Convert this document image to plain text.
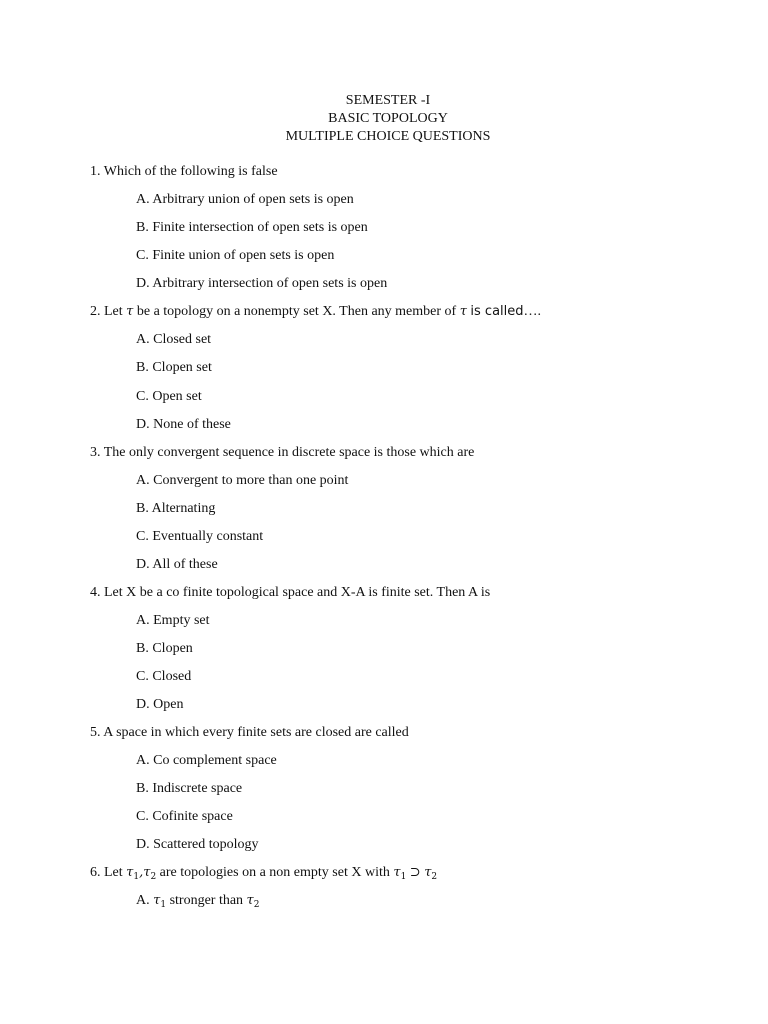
SEMESTER -I
BASIC TOPOLOGY
MULTIPLE CHOICE QUESTIONS
1. Which of the following is false
A. Arbitrary union of open sets is open
B. Finite intersection of open sets is open
C. Finite union of open sets is open
D. Arbitrary intersection of open sets is open
2. Let τ be a topology on a nonempty set X. Then any member of τ is called….
A. Closed set
B. Clopen set
C. Open set
D. None of these
3. The only convergent sequence in discrete space is those which are
A. Convergent to more than one point
B. Alternating
C. Eventually constant
D. All of these
4. Let X be a co finite topological space and X-A is finite set. Then A is
A. Empty set
B. Clopen
C. Closed
D. Open
5. A space in which every finite sets are closed are called
A. Co complement space
B. Indiscrete space
C. Cofinite space
D. Scattered topology
6. Let $\tau_1,\tau_2$ are topologies on a non empty set X with $\tau_1$ ⊃ $\tau_2$
A. $\tau_1$ stronger than $\tau_2$
